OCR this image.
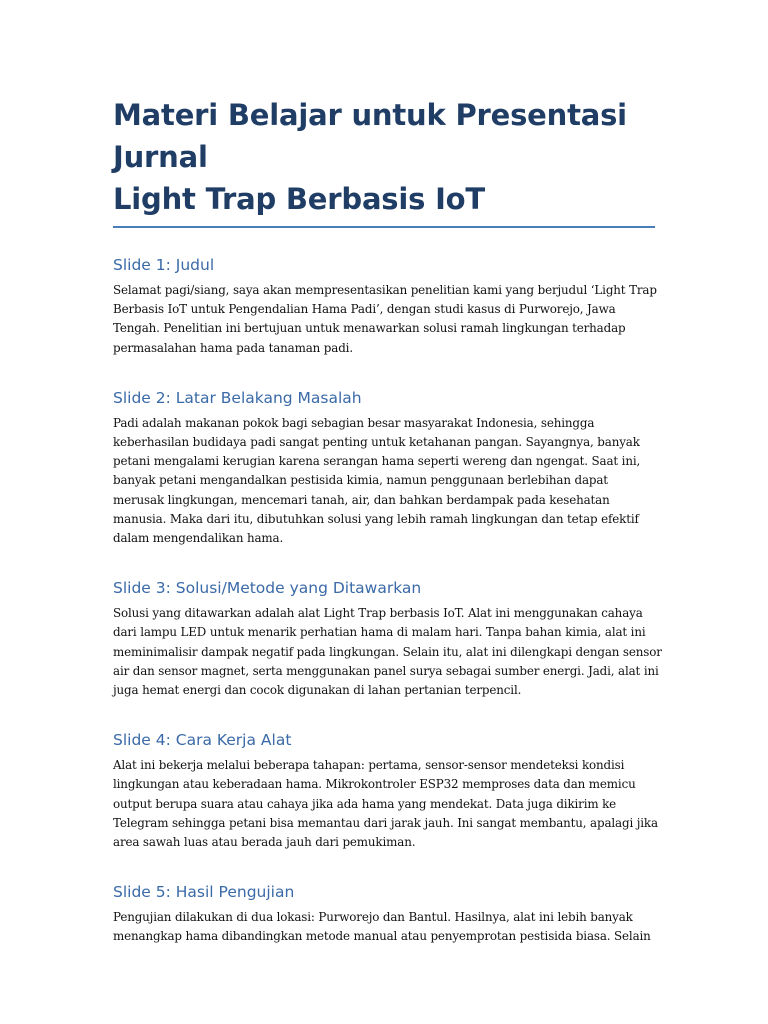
Materi Belajar untuk Presentasi Jurnal
Light Trap Berbasis IoT
Slide 1: Judul

Selamat pagi/siang, saya akan mempresentasikan penelitian kami yang berjudul ‘Light Trap
Berbasis IoT untuk Pengendalian Hama Padi’, dengan studi kasus di Purworejo, Jawa
Tengah. Penelitian ini bertujuan untuk menawarkan solusi ramah lingkungan terhadap
permasalahan hama pada tanaman padi.

Slide 2: Latar Belakang Masalah

Padi adalah makanan pokok bagi sebagian besar masyarakat Indonesia, sehingga
keberhasilan budidaya padi sangat penting untuk ketahanan pangan. Sayangnya, banyak
petani mengalami kerugian karena serangan hama seperti wereng dan ngengat. Saat ini,
banyak petani mengandalkan pestisida kimia, namun penggunaan berlebihan dapat
merusak lingkungan, mencemari tanah, air, dan bahkan berdampak pada kesehatan
manusia. Maka dari itu, dibutuhkan solusi yang lebih ramah lingkungan dan tetap efektif
dalam mengendalikan hama.

Slide 3: Solusi/Metode yang Ditawarkan

Solusi yang ditawarkan adalah alat Light Trap berbasis IoT. Alat ini menggunakan cahaya
dari lampu LED untuk menarik perhatian hama di malam hari. Tanpa bahan kimia, alat ini
meminimalisir dampak negatif pada lingkungan. Selain itu, alat ini dilengkapi dengan sensor
air dan sensor magnet, serta menggunakan panel surya sebagai sumber energi. Jadi, alat ini
juga hemat energi dan cocok digunakan di lahan pertanian terpencil.

Slide 4: Cara Kerja Alat

Alat ini bekerja melalui beberapa tahapan: pertama, sensor-sensor mendeteksi kondisi
lingkungan atau keberadaan hama. Mikrokontroler ESP32 memproses data dan memicu
output berupa suara atau cahaya jika ada hama yang mendekat. Data juga dikirim ke
Telegram sehingga petani bisa memantau dari jarak jauh. Ini sangat membantu, apalagi jika
area sawah luas atau berada jauh dari pemukiman.

Slide 5: Hasil Pengujian

Pengujian dilakukan di dua lokasi: Purworejo dan Bantul. Hasilnya, alat ini lebih banyak
menangkap hama dibandingkan metode manual atau penyemprotan pestisida biasa. Selain
